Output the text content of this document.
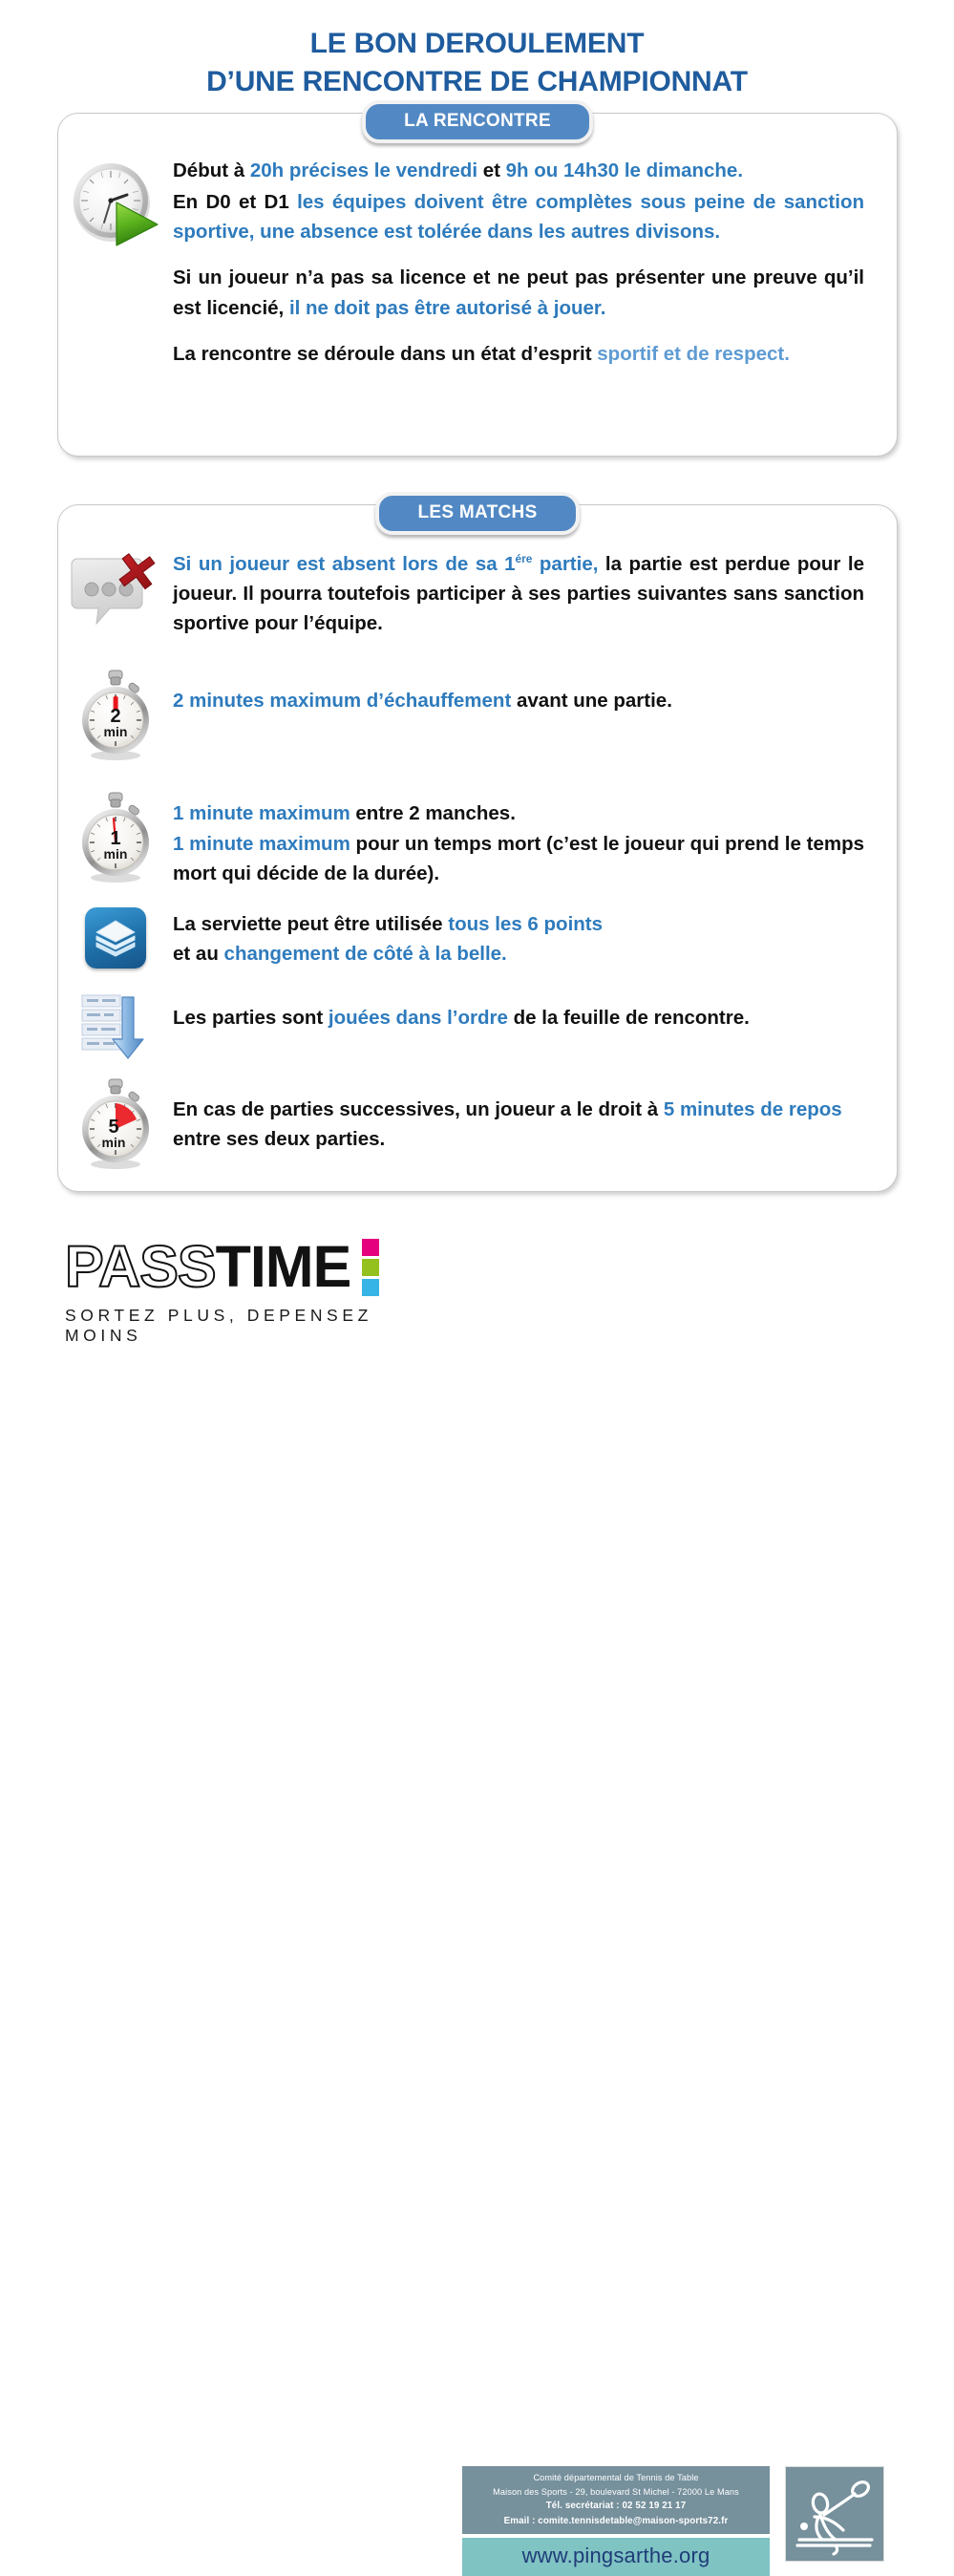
LE BON DEROULEMENT
D’UNE RENCONTRE DE CHAMPIONNAT
LA RENCONTRE

Début à 20h précises le vendredi et 9h ou 14h30 le dimanche.

En D0 et D1 les équipes doivent être complètes sous peine de sanction sportive, une absence est tolérée dans les autres divisons.

Si un joueur n’a pas sa licence et ne peut pas présenter une preuve qu’il est licencié, il ne doit pas être autorisé à jouer.

La rencontre se déroule dans un état d’esprit sportif et de respect.

LES MATCHS

Si un joueur est absent lors de sa $1^{ére}$ partie, la partie est perdue pour le joueur. Il pourra toutefois participer à ses parties suivantes sans sanction sportive pour l’équipe.

2
min

2 minutes maximum d’échauffement avant une partie.

1
min

1 minute maximum entre 2 manches.
1 minute maximum pour un temps mort (c’est le joueur qui prend le temps mort qui décide de la durée).

La serviette peut être utilisée tous les 6 points
et au changement de côté à la belle.

Les parties sont jouées dans l’ordre de la feuille de rencontre.

5
min

En cas de parties successives, un joueur a le droit à 5 minutes de repos entre ses deux parties.

PASS TIME
SORTEZ PLUS, DEPENSEZ MOINS
Comité départemental de Tennis de Table
Maison des Sports - 29, boulevard St Michel - 72000 Le Mans
Tél. secrétariat : 02 52 19 21 17
Email : comite.tennisdetable@maison-sports72.fr
www.pingsarthe.org
